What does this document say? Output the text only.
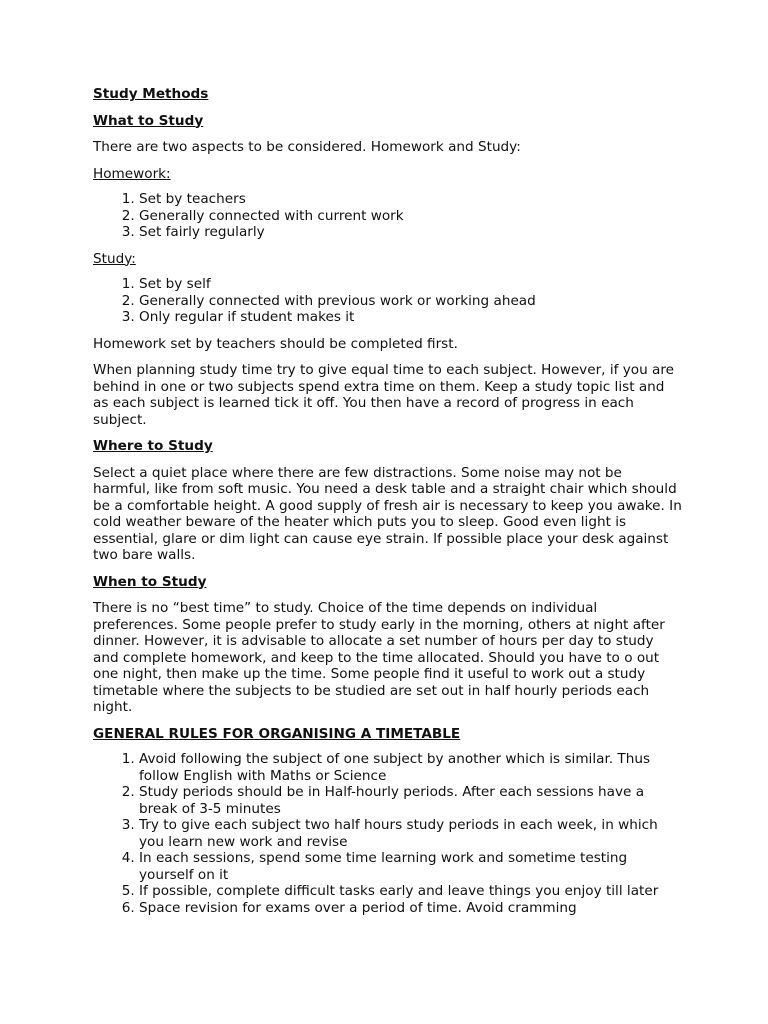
Study Methods
What to Study

There are two aspects to be considered. Homework and Study:

Homework:
1. Set by teachers
2. Generally connected with current work
3. Set fairly regularly
Study:
1. Set by self
2. Generally connected with previous work or working ahead
3. Only regular if student makes it

Homework set by teachers should be completed first.

When planning study time try to give equal time to each subject. However, if you are behind in one or two subjects spend extra time on them. Keep a study topic list and as each subject is learned tick it off. You then have a record of progress in each subject.

Where to Study

Select a quiet place where there are few distractions. Some noise may not be harmful, like from soft music. You need a desk table and a straight chair which should be a comfortable height. A good supply of fresh air is necessary to keep you awake. In cold weather beware of the heater which puts you to sleep. Good even light is essential, glare or dim light can cause eye strain. If possible place your desk against two bare walls.

When to Study

There is no “best time” to study. Choice of the time depends on individual preferences. Some people prefer to study early in the morning, others at night after dinner. However, it is advisable to allocate a set number of hours per day to study and complete homework, and keep to the time allocated. Should you have to o out one night, then make up the time. Some people find it useful to work out a study timetable where the subjects to be studied are set out in half hourly periods each night.

GENERAL RULES FOR ORGANISING A TIMETABLE
1. Avoid following the subject of one subject by another which is similar. Thus follow English with Maths or Science
2. Study periods should be in Half-hourly periods. After each sessions have a break of 3-5 minutes
3. Try to give each subject two half hours study periods in each week, in which you learn new work and revise
4. In each sessions, spend some time learning work and sometime testing yourself on it
5. If possible, complete difficult tasks early and leave things you enjoy till later
6. Space revision for exams over a period of time. Avoid cramming
